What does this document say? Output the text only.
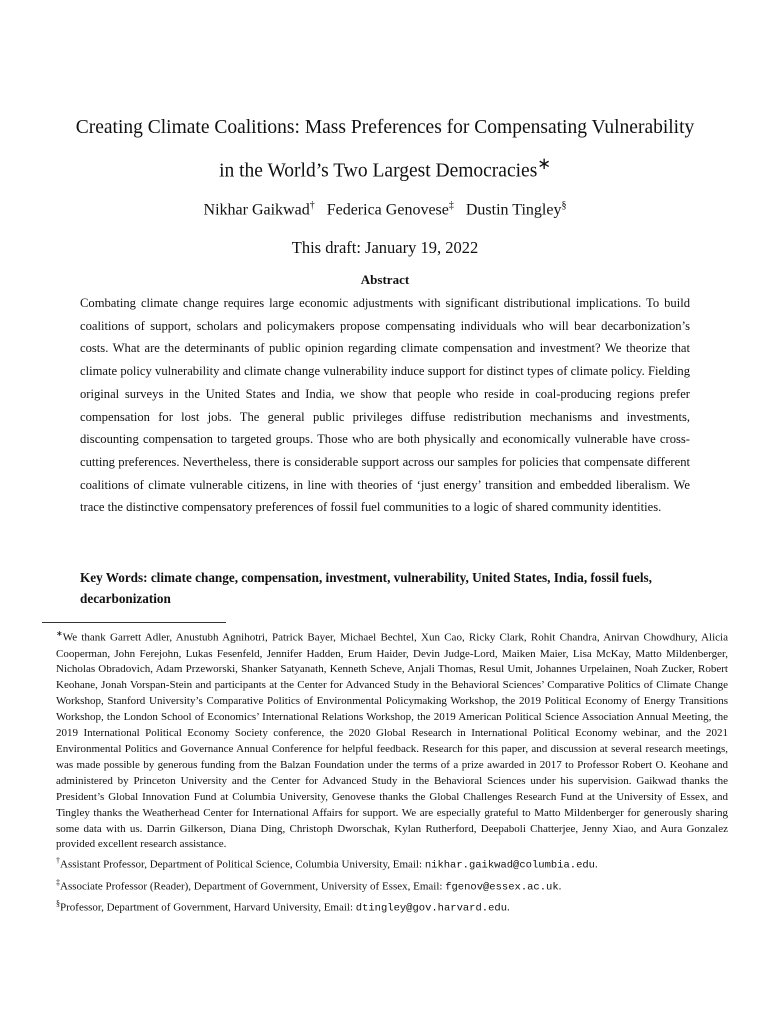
Creating Climate Coalitions: Mass Preferences for Compensating Vulnerability
in the World’s Two Largest Democracies∗
Nikhar Gaikwad† Federica Genovese‡ Dustin Tingley§
This draft: January 19, 2022
Abstract
Combating climate change requires large economic adjustments with significant distributional implications. To build coalitions of support, scholars and policymakers propose compensating individuals who will bear decarbonization’s costs. What are the determinants of public opinion regarding climate compensation and investment? We theorize that climate policy vulnerability and climate change vulnerability induce support for distinct types of climate policy. Fielding original surveys in the United States and India, we show that people who reside in coal-producing regions prefer compensation for lost jobs. The general public privileges diffuse redistribution mechanisms and investments, discounting compensation to targeted groups. Those who are both physically and economically vulnerable have cross-cutting preferences. Nevertheless, there is considerable support across our samples for policies that compensate different coalitions of climate vulnerable citizens, in line with theories of ‘just energy’ transition and embedded liberalism. We trace the distinctive compensatory preferences of fossil fuel communities to a logic of shared community identities.
Key Words: climate change, compensation, investment, vulnerability, United States, India, fossil fuels, decarbonization

∗We thank Garrett Adler, Anustubh Agnihotri, Patrick Bayer, Michael Bechtel, Xun Cao, Ricky Clark, Rohit Chandra, Anirvan Chowdhury, Alicia Cooperman, John Ferejohn, Lukas Fesenfeld, Jennifer Hadden, Erum Haider, Devin Judge-Lord, Maiken Maier, Lisa McKay, Matto Mildenberger, Nicholas Obradovich, Adam Przeworski, Shanker Satyanath, Kenneth Scheve, Anjali Thomas, Resul Umit, Johannes Urpelainen, Noah Zucker, Robert Keohane, Jonah Vorspan-Stein and participants at the Center for Advanced Study in the Behavioral Sciences’ Comparative Politics of Climate Change Workshop, Stanford University’s Comparative Politics of Environmental Policymaking Workshop, the 2019 Political Economy of Energy Transitions Workshop, the London School of Economics’ International Relations Workshop, the 2019 American Political Science Association Annual Meeting, the 2019 International Political Economy Society conference, the 2020 Global Research in International Political Economy webinar, and the 2021 Environmental Politics and Governance Annual Conference for helpful feedback. Research for this paper, and discussion at several research meetings, was made possible by generous funding from the Balzan Foundation under the terms of a prize awarded in 2017 to Professor Robert O. Keohane and administered by Princeton University and the Center for Advanced Study in the Behavioral Sciences under his supervision. Gaikwad thanks the President’s Global Innovation Fund at Columbia University, Genovese thanks the Global Challenges Research Fund at the University of Essex, and Tingley thanks the Weatherhead Center for International Affairs for support. We are especially grateful to Matto Mildenberger for generously sharing some data with us. Darrin Gilkerson, Diana Ding, Christoph Dworschak, Kylan Rutherford, Deepaboli Chatterjee, Jenny Xiao, and Aura Gonzalez provided excellent research assistance.

†Assistant Professor, Department of Political Science, Columbia University, Email: nikhar.gaikwad@columbia.edu.

‡Associate Professor (Reader), Department of Government, University of Essex, Email: fgenov@essex.ac.uk.

§Professor, Department of Government, Harvard University, Email: dtingley@gov.harvard.edu.
